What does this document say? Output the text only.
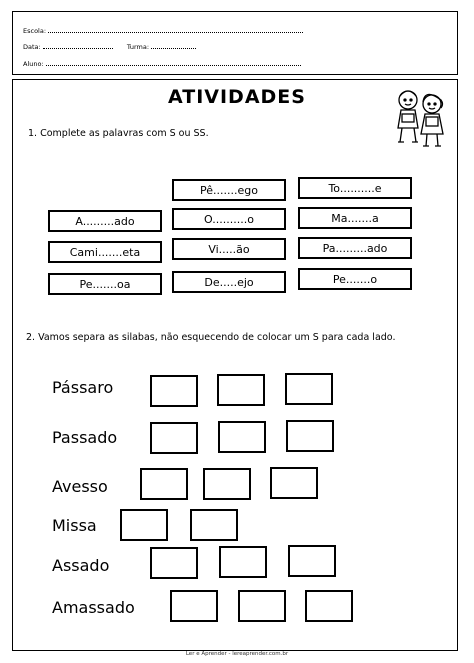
Escola:
Data:	Turma:
Aluno:
ATIVIDADES
1. Complete as palavras com S ou SS.
Pê.......ego	To..........e
A.........ado	O..........o	Ma.......a
Cami.......eta	Vi.....ão	Pa.........ado
Pe.......oa	De.....ejo	Pe.......o
2. Vamos separa as silabas, não esquecendo de colocar um S para cada lado.
Pássaro
Passado
Avesso
Missa
Assado
Amassado
Ler e Aprender - lereaprender.com.br
